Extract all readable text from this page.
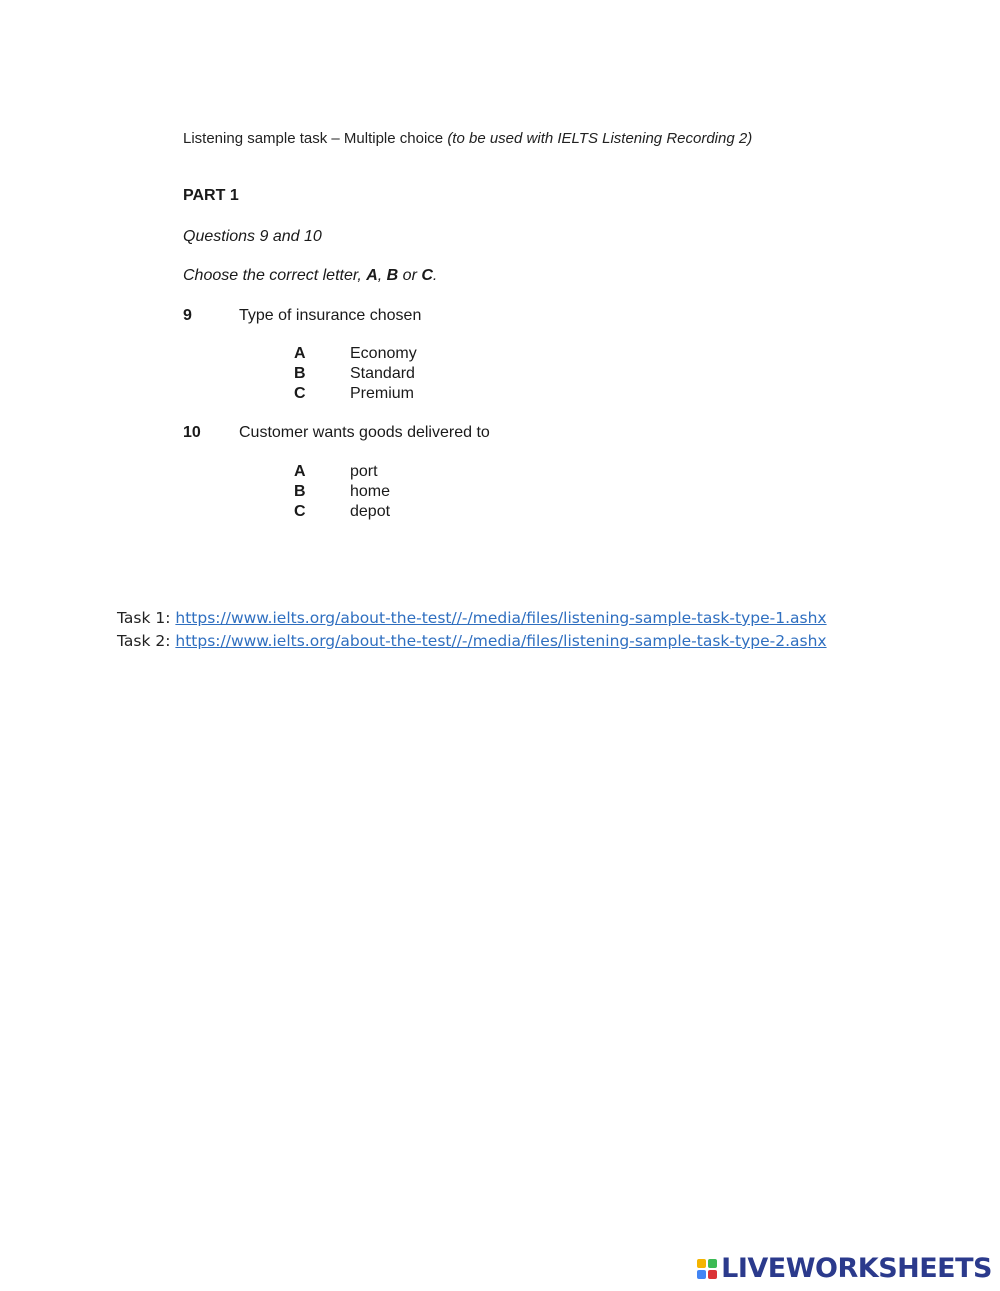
Listening sample task – Multiple choice (to be used with IELTS Listening Recording 2)
PART 1
Questions 9 and 10
Choose the correct letter, A, B or C.
9	Type of insurance chosen
A	Economy
B	Standard
C	Premium
10 Customer wants goods delivered to
A	port
B	home
C	depot
Task 1: https://www.ielts.org/about-the-test//-/media/files/listening-sample-task-type-1.ashx
Task 2: https://www.ielts.org/about-the-test//-/media/files/listening-sample-task-type-2.ashx
LIVEWORKSHEETS
